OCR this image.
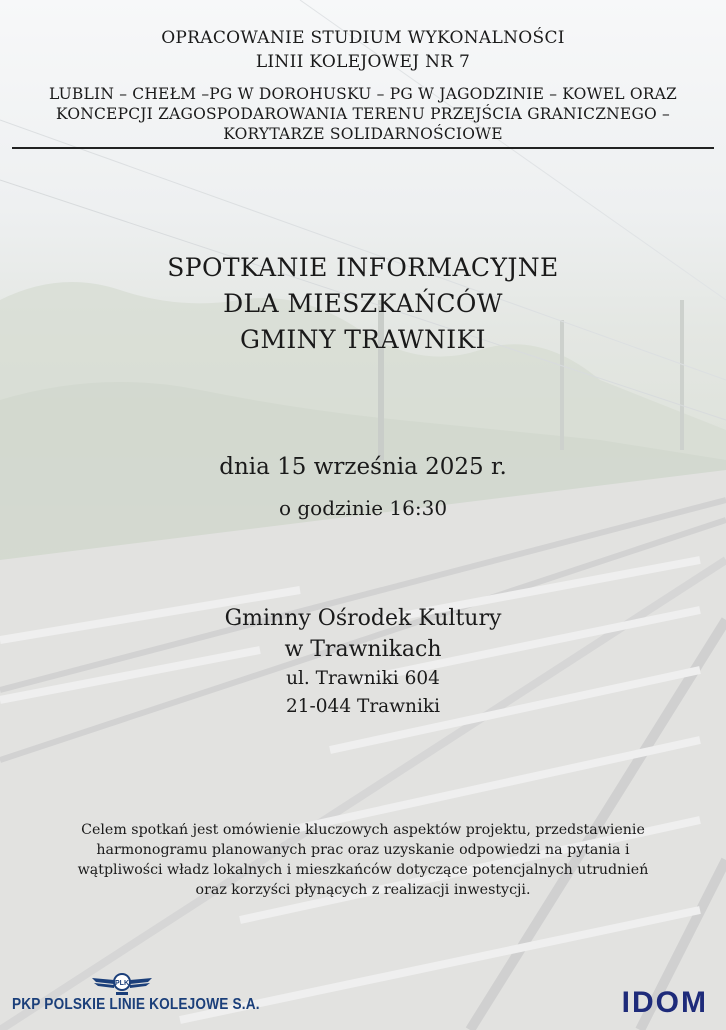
OPRACOWANIE STUDIUM WYKONALNOŚCI
LINII KOLEJOWEJ NR 7
LUBLIN – CHEŁM –PG W DOROHUSKU – PG W JAGODZINIE – KOWEL ORAZ
KONCEPCJI ZAGOSPODAROWANIA TERENU PRZEJŚCIA GRANICZNEGO –
KORYTARZE SOLIDARNOŚCIOWE
SPOTKANIE INFORMACYJNE
DLA MIESZKAŃCÓW
GMINY TRAWNIKI
dnia 15 września 2025 r.
o godzinie 16:30
Gminny Ośrodek Kultury
w Trawnikach
ul. Trawniki 604
21-044 Trawniki
Celem spotkań jest omówienie kluczowych aspektów projektu, przedstawienie
harmonogramu planowanych prac oraz uzyskanie odpowiedzi na pytania i
wątpliwości władz lokalnych i mieszkańców dotyczące potencjalnych utrudnień
oraz korzyści płynących z realizacji inwestycji.
PLK
PKP POLSKIE LINIE KOLEJOWE S.A.	IDOM
